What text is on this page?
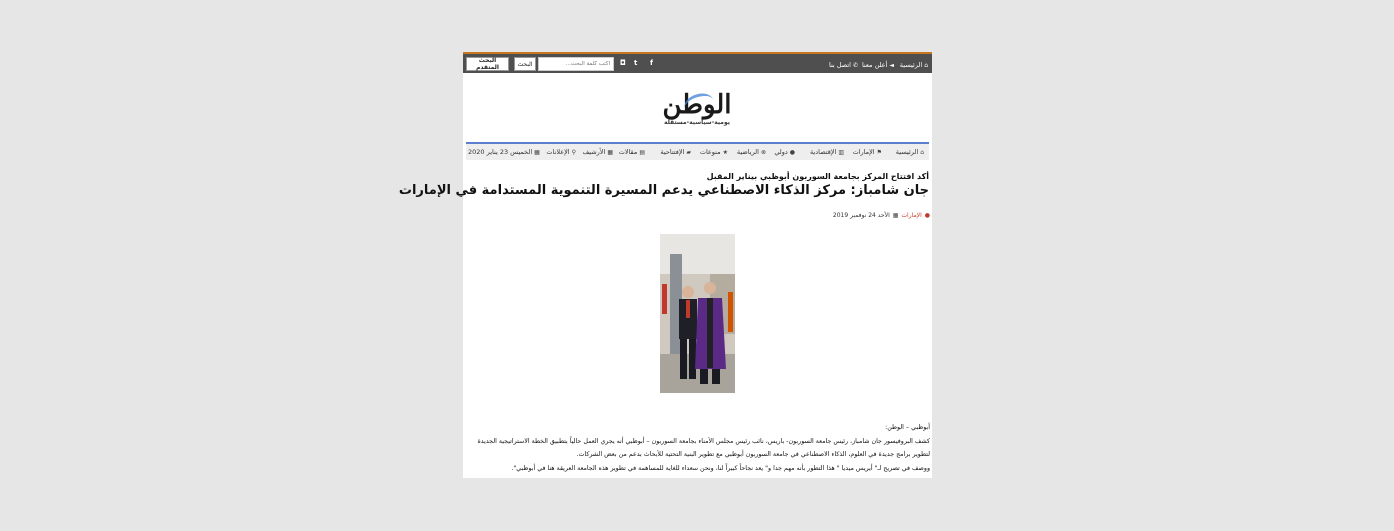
⌂
الرئيسية
◄
أعلن معنا
✆
اتصل بنا
f
t
◘
اكتب كلمة البحث...
البحث
البحث المتقدم
الوطن
يومية-سياسية-مستقلة
⌂
الرئيسية
⚑
الإمارات
▥
الإقتصادية
●
دولي
⊗
الرياضية
★
منوعات
▰
الإفتتاحية
▤
مقالات
▦
الأرشيف
⚲
الإعلانات
▦
الخميس 23 يناير 2020
أكد افتتاح المركز بجامعة السوربون أبوظبي بيناير المقبل
جان شامباز: مركز الذكاء الاصطناعي يدعم المسيرة التنموية المستدامة في الإمارات
●
الإمارات
▦
الأحد 24 نوفمبر 2019

أبوظبي – الوطن:

كشف البروفيسور جان شامباز، رئيس جامعة السوربون- باريس، نائب رئيس مجلس الأمناء بجامعة السوربون – أبوظبي أنه يجري العمل حالياً بتطبيق الخطة الاستراتيجية الجديدة

لتطوير برامج جديدة في العلوم، الذكاء الاصطناعي في جامعة السوربون أبوظبي مع تطوير البنية التحتية للأبحاث بدعم من بعض الشركات.

ووصف في تصريح لـ" أيريس ميديا " هذا التطور بأنه مهم جدا و" يعد نجاحاً كبيراً لنا، ونحن سعداء للغاية للمساهمة في تطوير هذه الجامعة العريقة هنا في أبوظبي".
